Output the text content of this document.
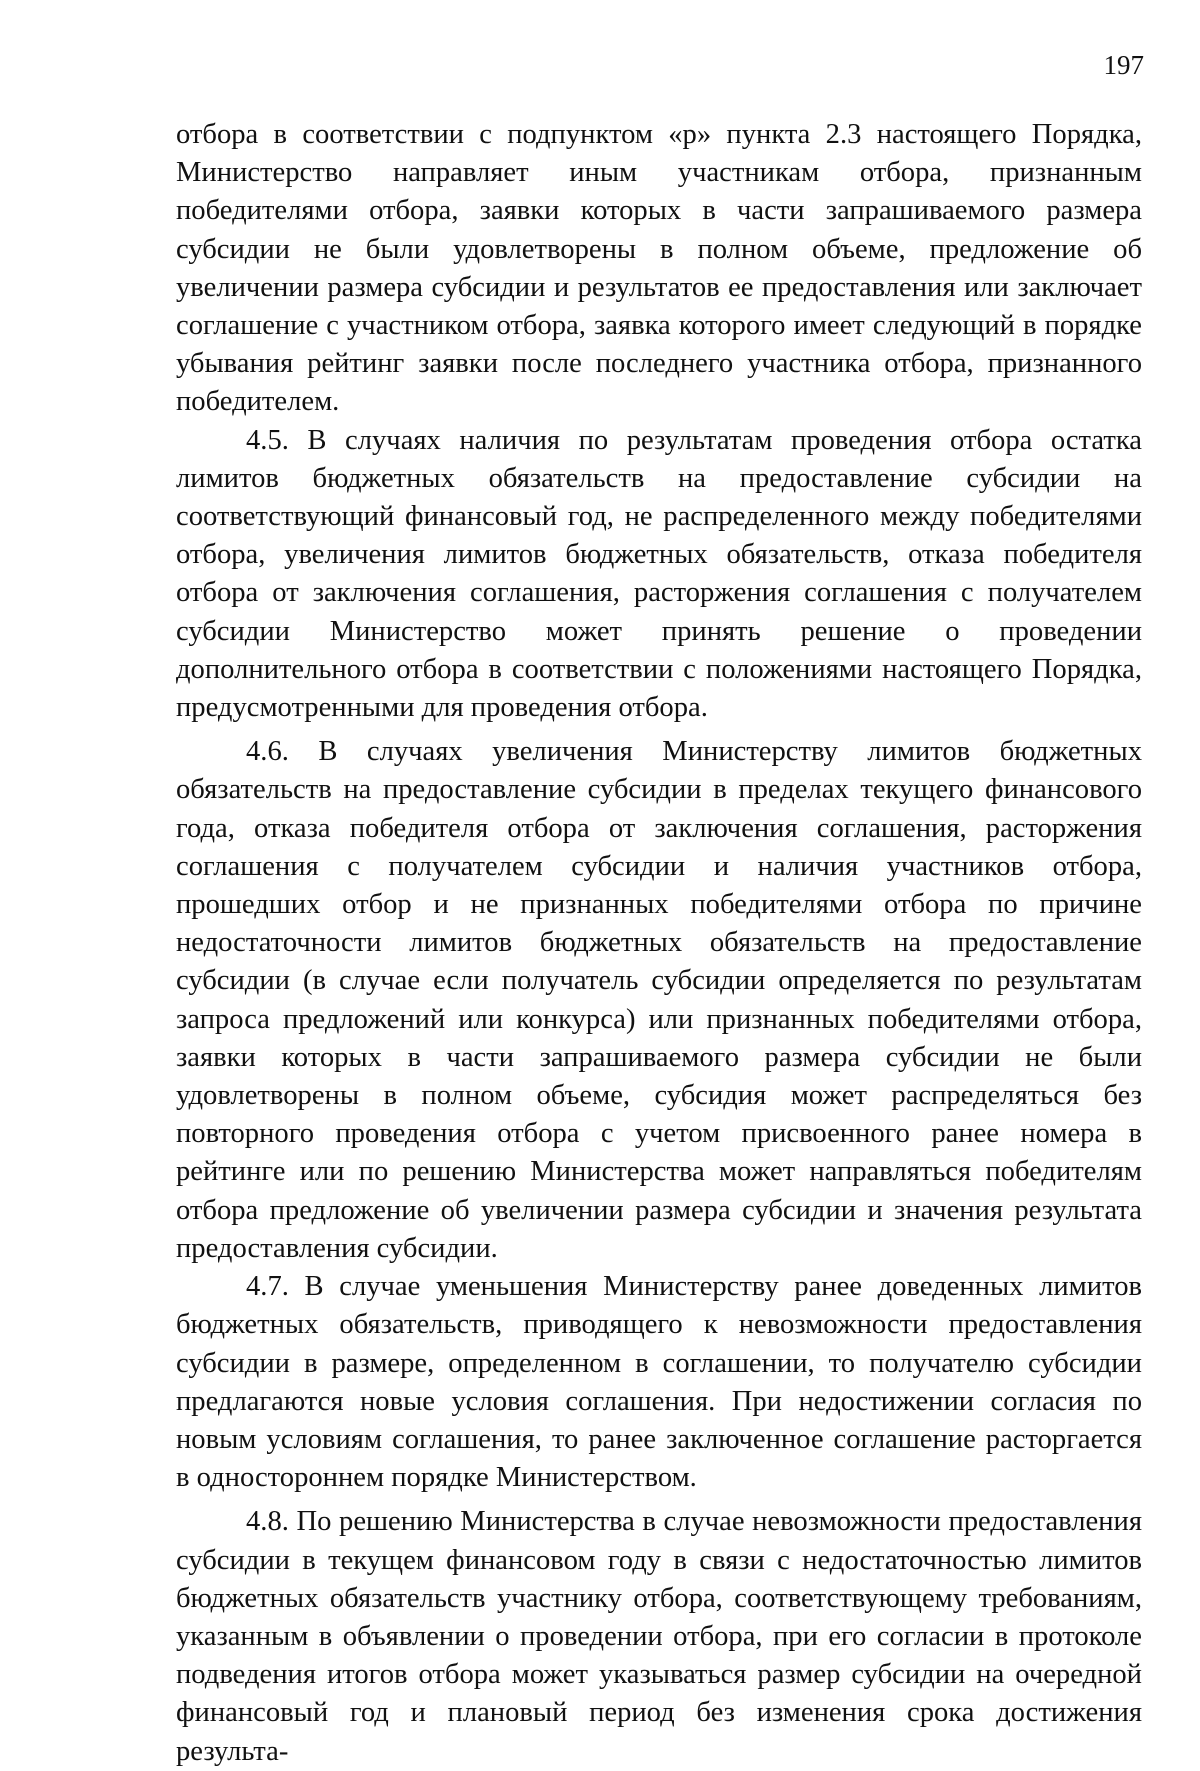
197

отбора в соответствии с подпунктом «р» пункта 2.3 настоящего Порядка, Министерство направляет иным участникам отбора, признанным победителями отбора, заявки которых в части запрашиваемого размера субсидии не были удовлетворены в полном объеме, предложение об увеличении размера субсидии и результатов ее предоставления или заключает соглашение с участником отбора, заявка которого имеет следующий в порядке убывания рейтинг заявки после последнего участника отбора, признанного победителем.

4.5. В случаях наличия по результатам проведения отбора остатка лимитов бюджетных обязательств на предоставление субсидии на соответствующий финансовый год, не распределенного между победителями отбора, увеличения лимитов бюджетных обязательств, отказа победителя отбора от заключения соглашения, расторжения соглашения с получателем субсидии Министерство может принять решение о проведении дополнительного отбора в соответствии с положениями настоящего Порядка, предусмотренными для проведения отбора.

4.6. В случаях увеличения Министерству лимитов бюджетных обязательств на предоставление субсидии в пределах текущего финансового года, отказа победителя отбора от заключения соглашения, расторжения соглашения с получателем субсидии и наличия участников отбора, прошедших отбор и не признанных победителями отбора по причине недостаточности лимитов бюджетных обязательств на предоставление субсидии (в случае если получатель субсидии определяется по результатам запроса предложений или конкурса) или признанных победителями отбора, заявки которых в части запрашиваемого размера субсидии не были удовлетворены в полном объеме, субсидия может распределяться без повторного проведения отбора с учетом присвоенного ранее номера в рейтинге или по решению Министерства может направляться победителям отбора предложение об увеличении размера субсидии и значения результата предоставления субсидии.

4.7. В случае уменьшения Министерству ранее доведенных лимитов бюджетных обязательств, приводящего к невозможности предоставления субсидии в размере, определенном в соглашении, то получателю субсидии предлагаются новые условия соглашения. При недостижении согласия по новым условиям соглашения, то ранее заключенное соглашение расторгается в одностороннем порядке Министерством.

4.8. По решению Министерства в случае невозможности предоставления субсидии в текущем финансовом году в связи с недостаточностью лимитов бюджетных обязательств участнику отбора, соответствующему требованиям, указанным в объявлении о проведении отбора, при его согласии в протоколе подведения итогов отбора может указываться размер субсидии на очередной финансовый год и плановый период без изменения срока достижения результа-
